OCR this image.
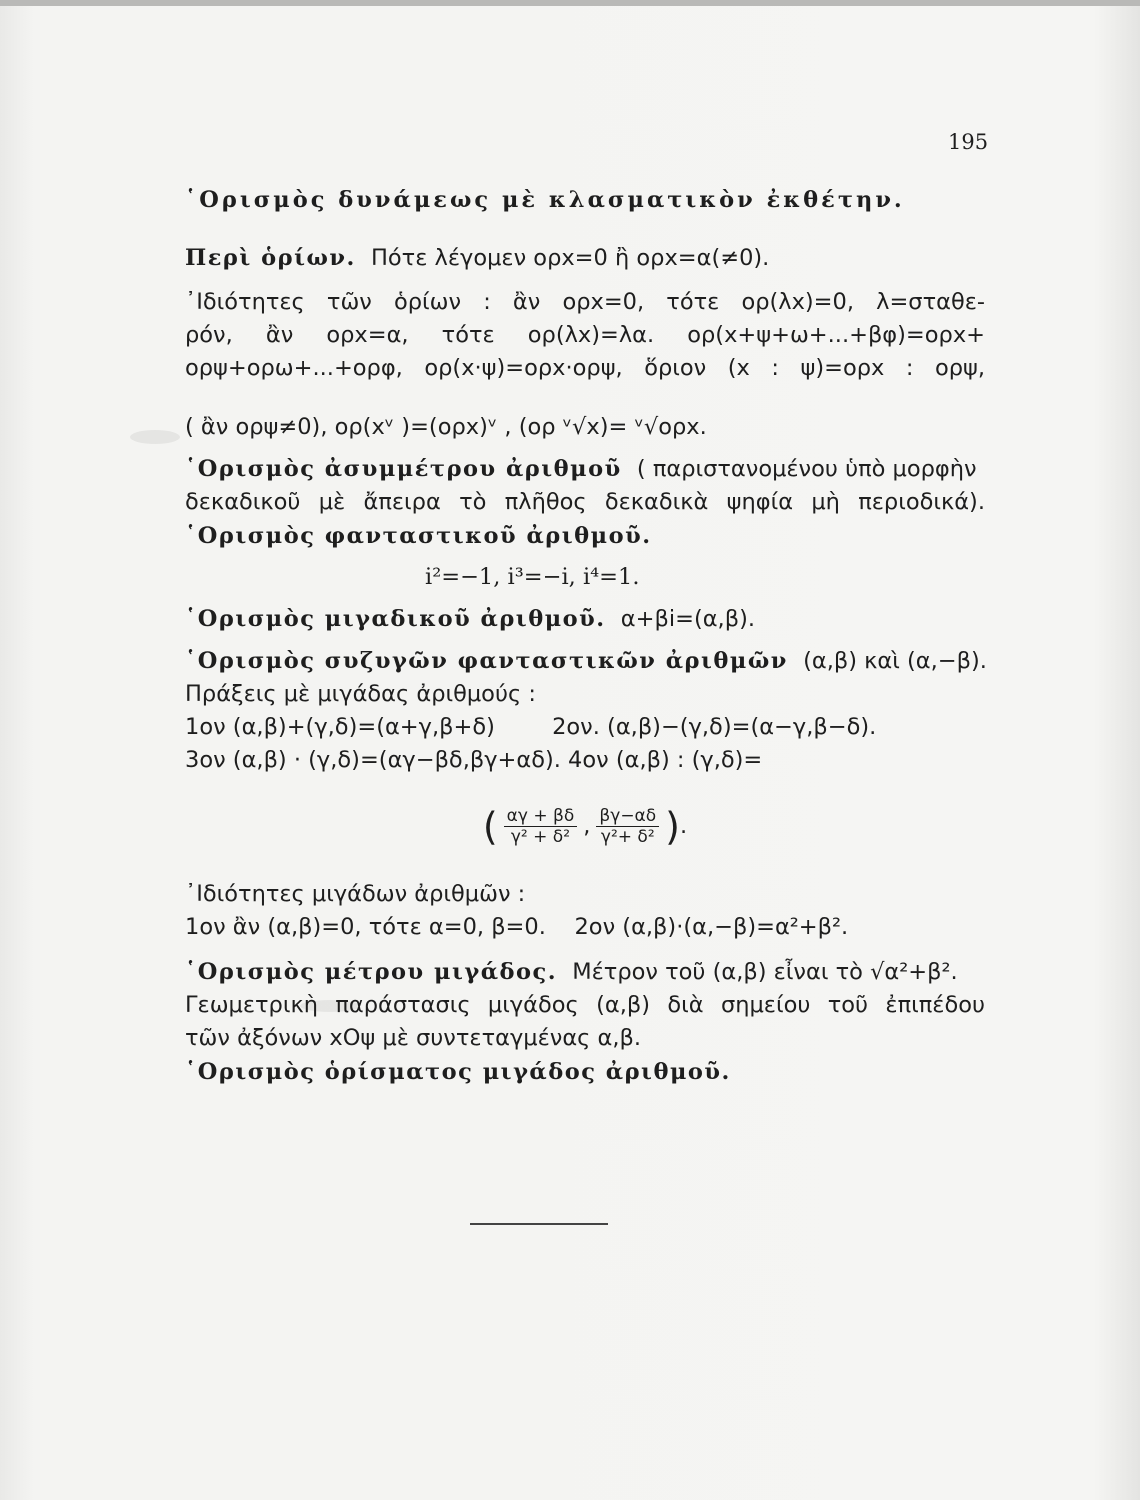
195
῾Ορισμὸς δυνάμεως μὲ κλασματικὸν ἐκθέτην.
Περὶ ὁρίων. Πότε λέγομεν ορx=0 ἢ ορx=α(≠0).
᾿Ιδιότητες τῶν ὁρίων : ἂν ορx=0, τότε ορ(λx)=0, λ=σταθε-
ρόν, ἂν ορx=α, τότε ορ(λx)=λα. ορ(x+ψ+ω+...+βφ)=ορx+
ορψ+ορω+...+ορφ, ορ(x·ψ)=ορx·ορψ, ὅριον (x : ψ)=ορx : ορψ,
( ἂν ορψ≠0), ορ(xᵛ )=(ορx)ᵛ , (ορ ᵛ√x)= ᵛ√ορx.
῾Ορισμὸς ἀσυμμέτρου ἀριθμοῦ ( παριστανομένου ὑπὸ μορφὴν
δεκαδικοῦ μὲ ἄπειρα τὸ πλῆθος δεκαδικὰ ψηφία μὴ περιοδικά).
῾Ορισμὸς φανταστικοῦ ἀριθμοῦ.
i²=−1, i³=−i, i⁴=1.
῾Ορισμὸς μιγαδικοῦ ἀριθμοῦ. α+βi=(α,β).
῾Ορισμὸς συζυγῶν φανταστικῶν ἀριθμῶν (α,β) καὶ (α,−β).
Πράξεις μὲ μιγάδας ἀριθμούς :
1ον (α,β)+(γ,δ)=(α+γ,β+δ)        2ον. (α,β)−(γ,δ)=(α−γ,β−δ).
3ον (α,β) · (γ,δ)=(αγ−βδ,βγ+αδ). 4ον (α,β) : (γ,δ)=
( $\frac{\alpha\gamma + \beta\delta}{\text{γ² + δ²}}$ , $\frac{\beta\gamma-\alpha\delta}{\text{γ²+ δ²}}$ ).
᾿Ιδιότητες μιγάδων ἀριθμῶν :
1ον ἂν (α,β)=0, τότε α=0, β=0.    2ον (α,β)·(α,−β)=α²+β².
῾Ορισμὸς μέτρου μιγάδος. Μέτρον τοῦ (α,β) εἶναι τὸ √α²+β².
Γεωμετρικὴ παράστασις μιγάδος (α,β) διὰ σημείου τοῦ ἐπιπέδου
τῶν ἀξόνων xOψ μὲ συντεταγμένας α,β.
῾Ορισμὸς ὁρίσματος μιγάδος ἀριθμοῦ.
